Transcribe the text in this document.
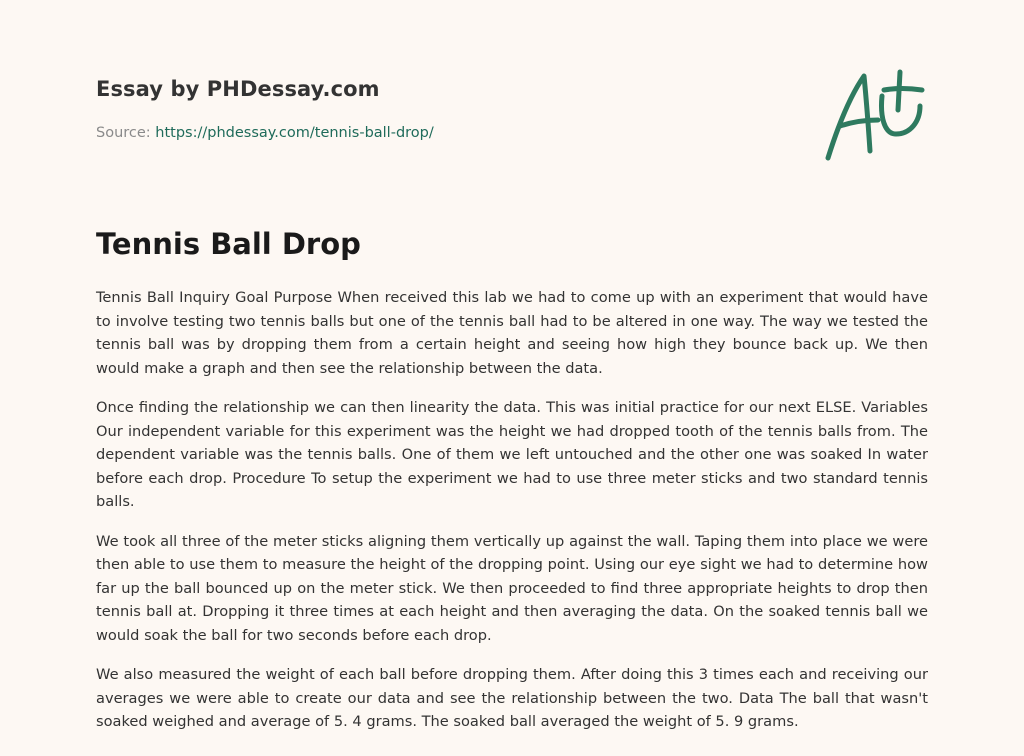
Essay by PHDessay.com
Source: https://phdessay.com/tennis-ball-drop/
Tennis Ball Drop

Tennis Ball Inquiry Goal Purpose When received this lab we had to come up with an experiment that would have to involve testing two tennis balls but one of the tennis ball had to be altered in one way. The way we tested the tennis ball was by dropping them from a certain height and seeing how high they bounce back up. We then would make a graph and then see the relationship between the data.

Once finding the relationship we can then linearity the data. This was initial practice for our next ELSE. Variables Our independent variable for this experiment was the height we had dropped tooth of the tennis balls from. The dependent variable was the tennis balls. One of them we left untouched and the other one was soaked In water before each drop. Procedure To setup the experiment we had to use three meter sticks and two standard tennis balls.

We took all three of the meter sticks aligning them vertically up against the wall. Taping them into place we were then able to use them to measure the height of the dropping point. Using our eye sight we had to determine how far up the ball bounced up on the meter stick. We then proceeded to find three appropriate heights to drop then tennis ball at. Dropping it three times at each height and then averaging the data. On the soaked tennis ball we would soak the ball for two seconds before each drop.

We also measured the weight of each ball before dropping them. After doing this 3 times each and receiving our averages we were able to create our data and see the relationship between the two. Data The ball that wasn't soaked weighed and average of 5. 4 grams. The soaked ball averaged the weight of 5. 9 grams.
